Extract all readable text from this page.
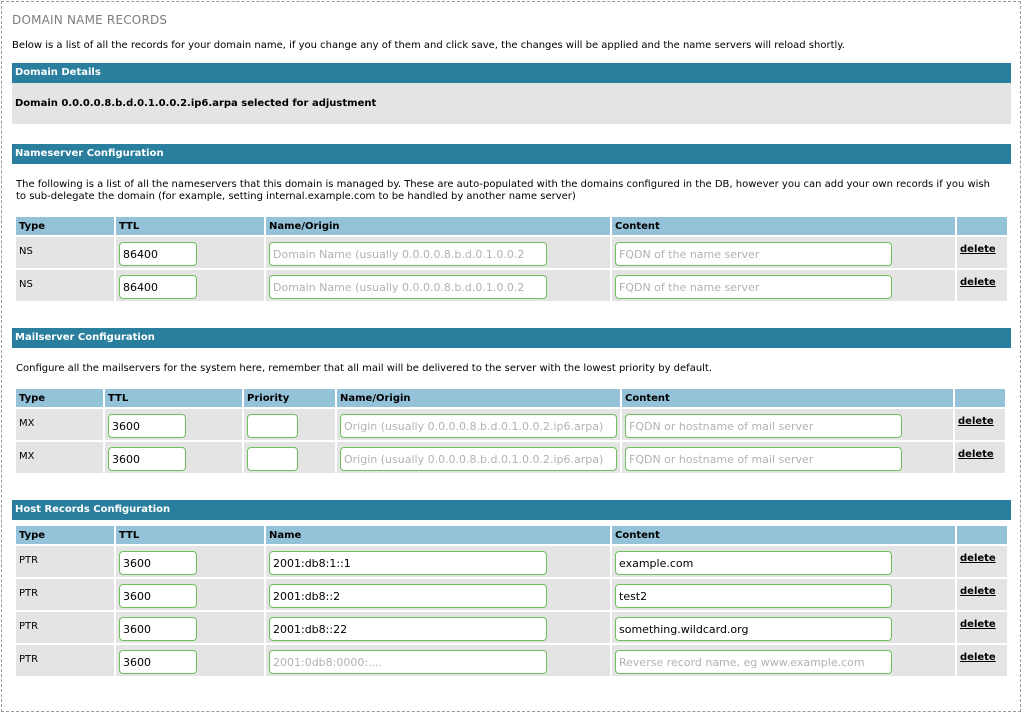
DOMAIN NAME RECORDS
Below is a list of all the records for your domain name, if you change any of them and click save, the changes will be applied and the name servers will reload shortly.
Domain Details
Domain 0.0.0.0.8.b.d.0.1.0.0.2.ip6.arpa selected for adjustment
Nameserver Configuration
The following is a list of all the nameservers that this domain is managed by. These are auto-populated with the domains configured in the DB, however you can add your own records if you wish to sub-delegate the domain (for example, setting internal.example.com to be handled by another name server)
Type	TTL	Name/Origin	Content	
NS	86400	Domain Name (usually 0.0.0.0.8.b.d.0.1.0.0.2	FQDN of the name server	delete
NS	86400	Domain Name (usually 0.0.0.0.8.b.d.0.1.0.0.2	FQDN of the name server	delete
Mailserver Configuration
Configure all the mailservers for the system here, remember that all mail will be delivered to the server with the lowest priority by default.
Type	TTL	Priority	Name/Origin	Content	
MX	3600		Origin (usually 0.0.0.0.8.b.d.0.1.0.0.2.ip6.arpa)	FQDN or hostname of mail server	delete
MX	3600		Origin (usually 0.0.0.0.8.b.d.0.1.0.0.2.ip6.arpa)	FQDN or hostname of mail server	delete
Host Records Configuration
Type	TTL	Name	Content	
PTR	3600	2001:db8:1::1	example.com	delete
PTR	3600	2001:db8::2	test2	delete
PTR	3600	2001:db8::22	something.wildcard.org	delete
PTR	3600	2001:0db8:0000:....	Reverse record name, eg www.example.com	delete
